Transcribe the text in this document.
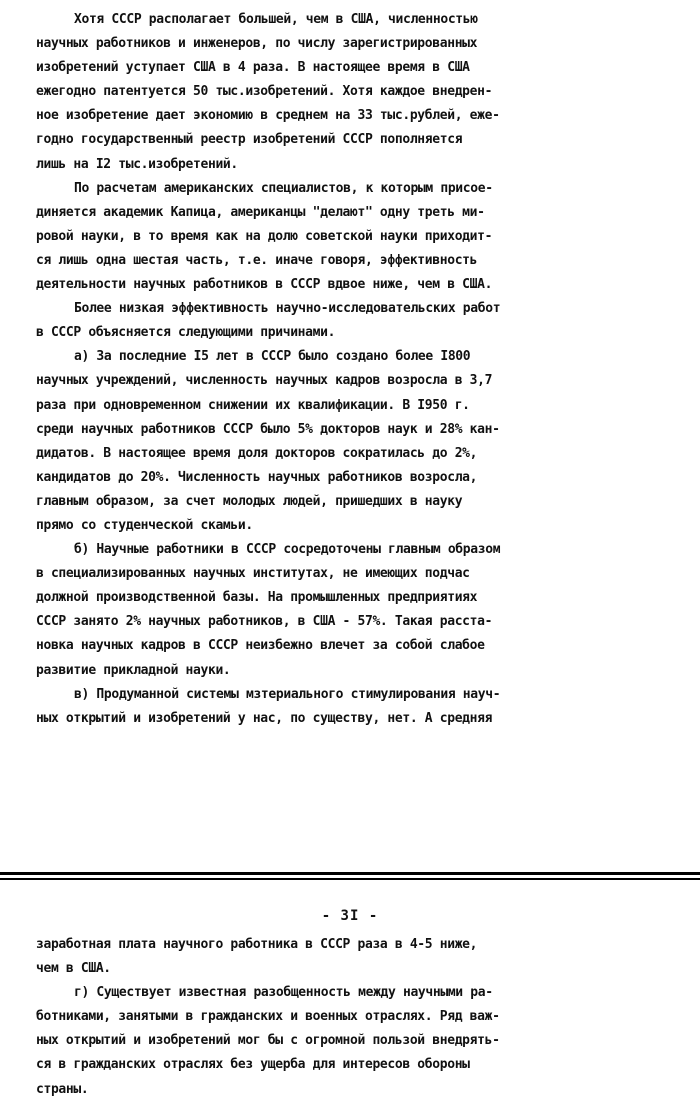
Хотя СССР располагает большей, чем в США, численностью
научных работников и инженеров, по числу зарегистрированных
изобретений уступает США в 4 раза. В настоящее время в США
ежегодно патентуется 50 тыс.изобретений. Хотя каждое внедрен-
ное изобретение дает экономию в среднем на 33 тыс.рублей, еже-
годно государственный реестр изобретений СССР пополняется
лишь на I2 тыс.изобретений.
По расчетам американских специалистов, к которым присое-
диняется академик Капица, американцы "делают" одну треть ми-
ровой науки, в то время как на долю советской науки приходит-
ся лишь одна шестая часть, т.е. иначе говоря, эффективность
деятельности научных работников в СССР вдвое ниже, чем в США.
Более низкая эффективность научно-исследовательских работ
в СССР объясняется следующими причинами.
а) За последние I5 лет в СССР было создано более I800
научных учреждений, численность научных кадров возросла в 3,7
раза при одновременном снижении их квалификации. В I950 г.
среди научных работников СССР было 5% докторов наук и 28% кан-
дидатов. В настоящее время доля докторов сократилась до 2%,
кандидатов до 20%. Численность научных работников возросла,
главным образом, за счет молодых людей, пришедших в науку
прямо со студенческой скамьи.
б) Научные работники в СССР сосредоточены главным образом
в специализированных научных институтах, не имеющих подчас
должной производственной базы. На промышленных предприятиях
СССР занято 2% научных работников, в США - 57%. Такая расста-
новка научных кадров в СССР неизбежно влечет за собой слабое
развитие прикладной науки.
в) Продуманной системы мзтериального стимулирования науч-
ных открытий и изобретений у нас, по существу, нет. А средняя
- 3I -
заработная плата научного работника в СССР раза в 4-5 ниже,
чем в США.
г) Существует известная разобщенность между научными ра-
ботниками, занятыми в гражданских и военных отраслях. Ряд важ-
ных открытий и изобретений мог бы с огромной пользой внедрять-
ся в гражданских отраслях без ущерба для интересов обороны
страны.
